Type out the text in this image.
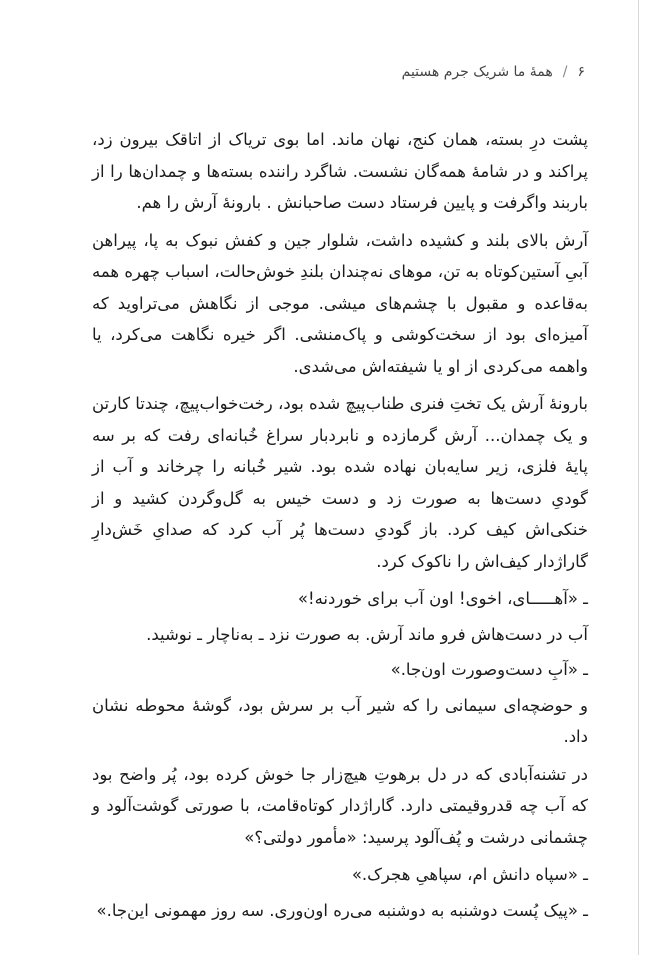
۶
/
همهٔ ما شریک جرم هستیم

پشت درِ بسته، همان کنج، نهان ماند. اما بوی تریاک از اتاقک بیرون زد، پراکند و در شامهٔ همه‌گان نشست. شاگرد راننده بسته‌ها و چمدان‌ها را از باربند واگرفت و پایین فرستاد دست صاحبانش . بارونهٔ آرش را هم.

آرش بالای بلند و کشیده داشت، شلوار جین و کفش نبوک به پا، پیراهن آبیِ آستین‌کوتاه به تن، موهای نه‌چندان بلندِ خوش‌حالت، اسباب چهره همه به‌قاعده و مقبول با چشم‌های میشی. موجی از نگاهش می‌تراوید که آمیزه‌ای بود از سخت‌کوشی و پاک‌منشی. اگر خیره نگاهت می‌کرد، یا واهمه می‌کردی از او یا شیفته‌اش می‌شدی.

بارونهٔ آرش یک تختِ فنری طناب‌پیچ شده بود، رخت‌خواب‌پیچ، چندتا کارتن و یک چمدان... آرش گرمازده و نابردبار سراغ خُبانه‌ای رفت که بر سه پایهٔ فلزی، زیر سایه‌بان نهاده شده بود. شیر خُبانه را چرخاند و آب از گودیِ دست‌ها به صورت زد و دست خیس به گل‌وگردن کشید و از خنکی‌اش کیف کرد. باز گودیِ دست‌ها پُر آب کرد که صدایِ خَش‌دارِ گاراژدار کیف‌اش را ناکوک کرد.

ـ «آهـــــای، اخوی! اون آب برای خوردنه!»

آب در دست‌هاش فرو ماند آرش. به صورت نزد ـ به‌ناچار ـ نوشید.

ـ «آبِ دست‌وصورت اون‌جا.»

و حوضچه‌ای سیمانی را که شیر آب بر سرش بود، گوشهٔ محوطه نشان داد.

در تشنه‌آبادی که در دل برهوتِ هیچ‌زار جا خوش کرده بود، پُر واضح بود که آب چه قدروقیمتی دارد. گاراژدار کوتاه‌قامت، با صورتی گوشت‌آلود و چشمانی درشت و پُف‌آلود پرسید: «مأمور دولتی؟»

ـ «سپاه دانش ام، سپاهیِ هجرک.»

ـ «پیک پُست دوشنبه به دوشنبه می‌ره اون‌وری. سه روز مهمونی این‌جا.»
